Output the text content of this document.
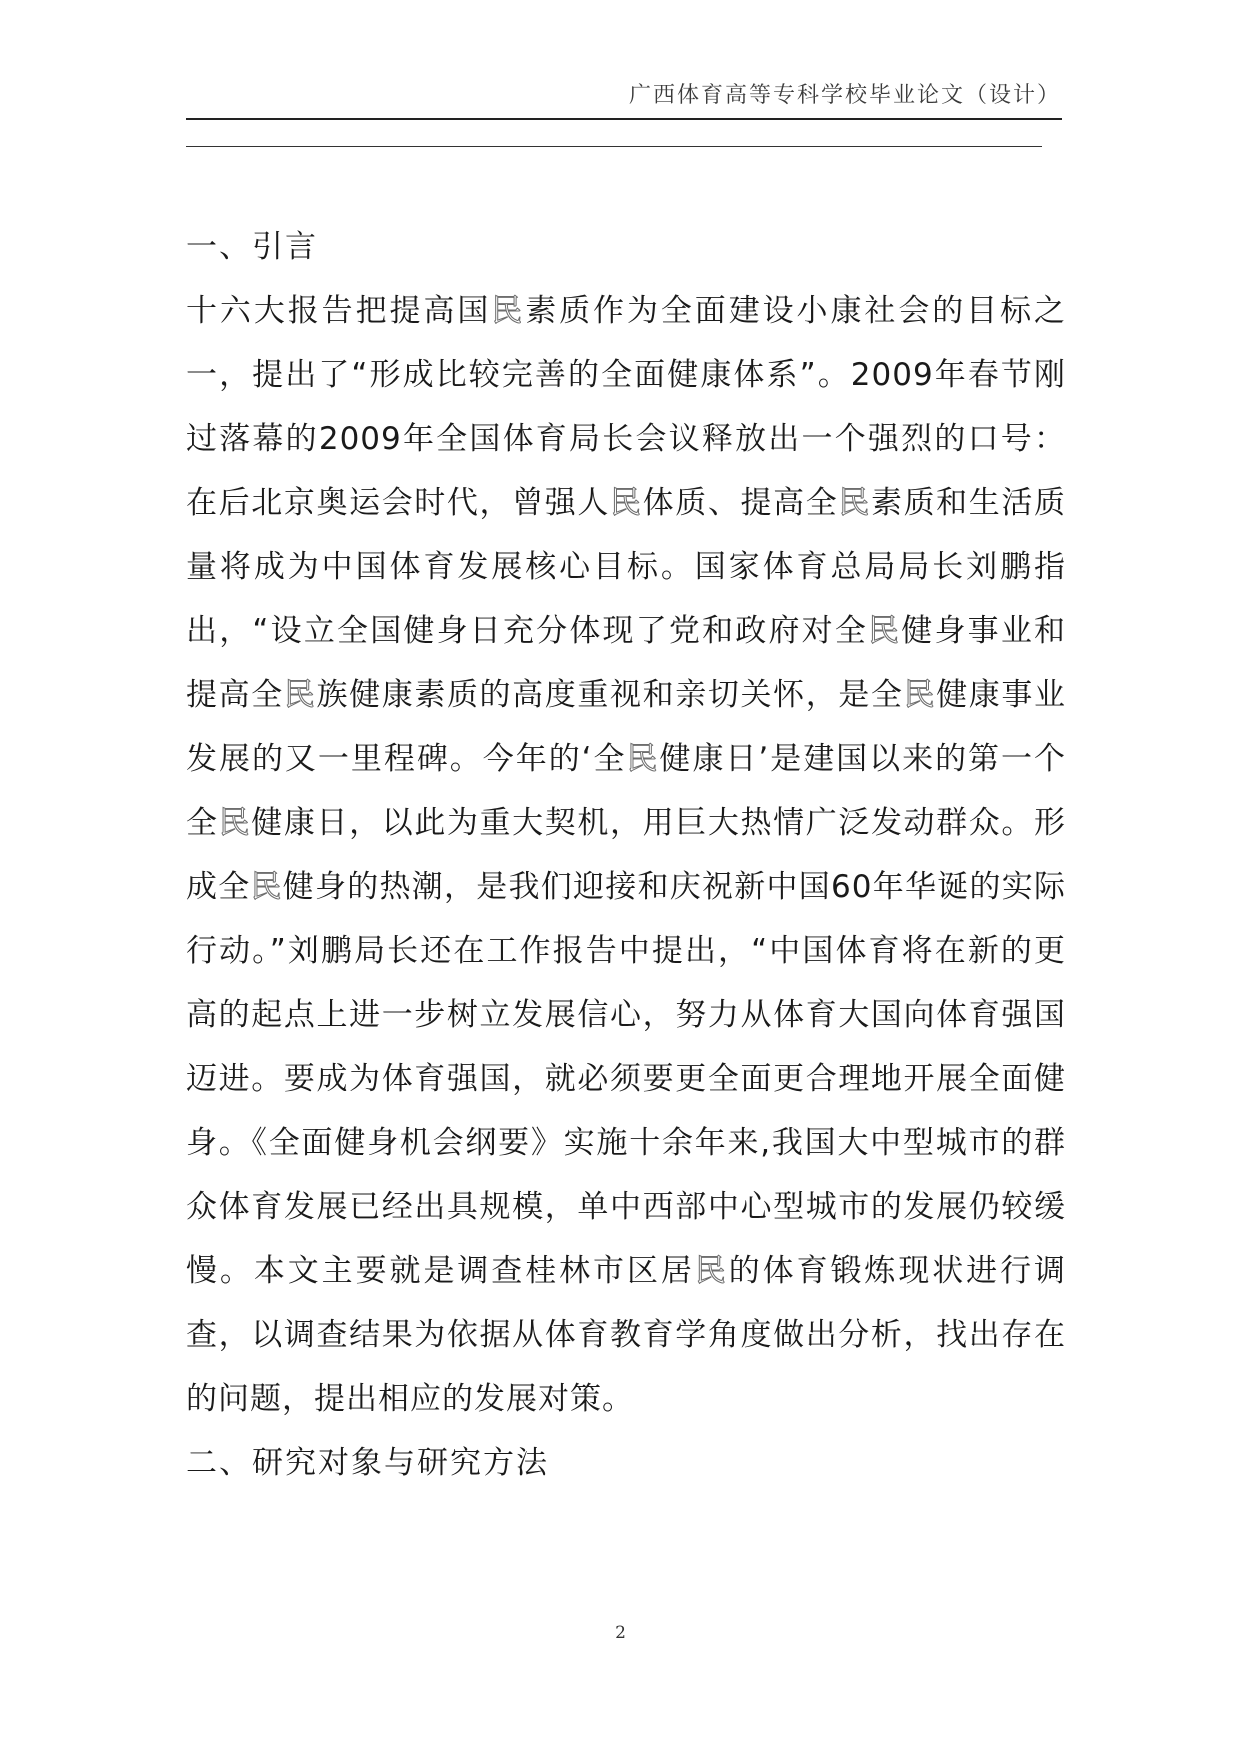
广西体育高等专科学校毕业论文（设计）
一、引言

十六大报告把提高国民素质作为全面建设小康社会的目标之一，提出了“形成比较完善的全面健康体系”。2009年春节刚过落幕的2009年全国体育局长会议释放出一个强烈的口号：在后北京奥运会时代，曾强人民体质、提高全民素质和生活质量将成为中国体育发展核心目标。国家体育总局局长刘鹏指出，“设立全国健身日充分体现了党和政府对全民健身事业和提高全民族健康素质的高度重视和亲切关怀，是全民健康事业发展的又一里程碑。今年的‘全民健康日’是建国以来的第一个全民健康日，以此为重大契机，用巨大热情广泛发动群众。形成全民健身的热潮，是我们迎接和庆祝新中国60年华诞的实际行动。”刘鹏局长还在工作报告中提出，“中国体育将在新的更高的起点上进一步树立发展信心，努力从体育大国向体育强国迈进。要成为体育强国，就必须要更全面更合理地开展全面健身。《全面健身机会纲要》实施十余年来,我国大中型城市的群众体育发展已经出具规模，单中西部中心型城市的发展仍较缓慢。本文主要就是调查桂林市区居民的体育锻炼现状进行调查，以调查结果为依据从体育教育学角度做出分析，找出存在的问题，提出相应的发展对策。

二、研究对象与研究方法
2
